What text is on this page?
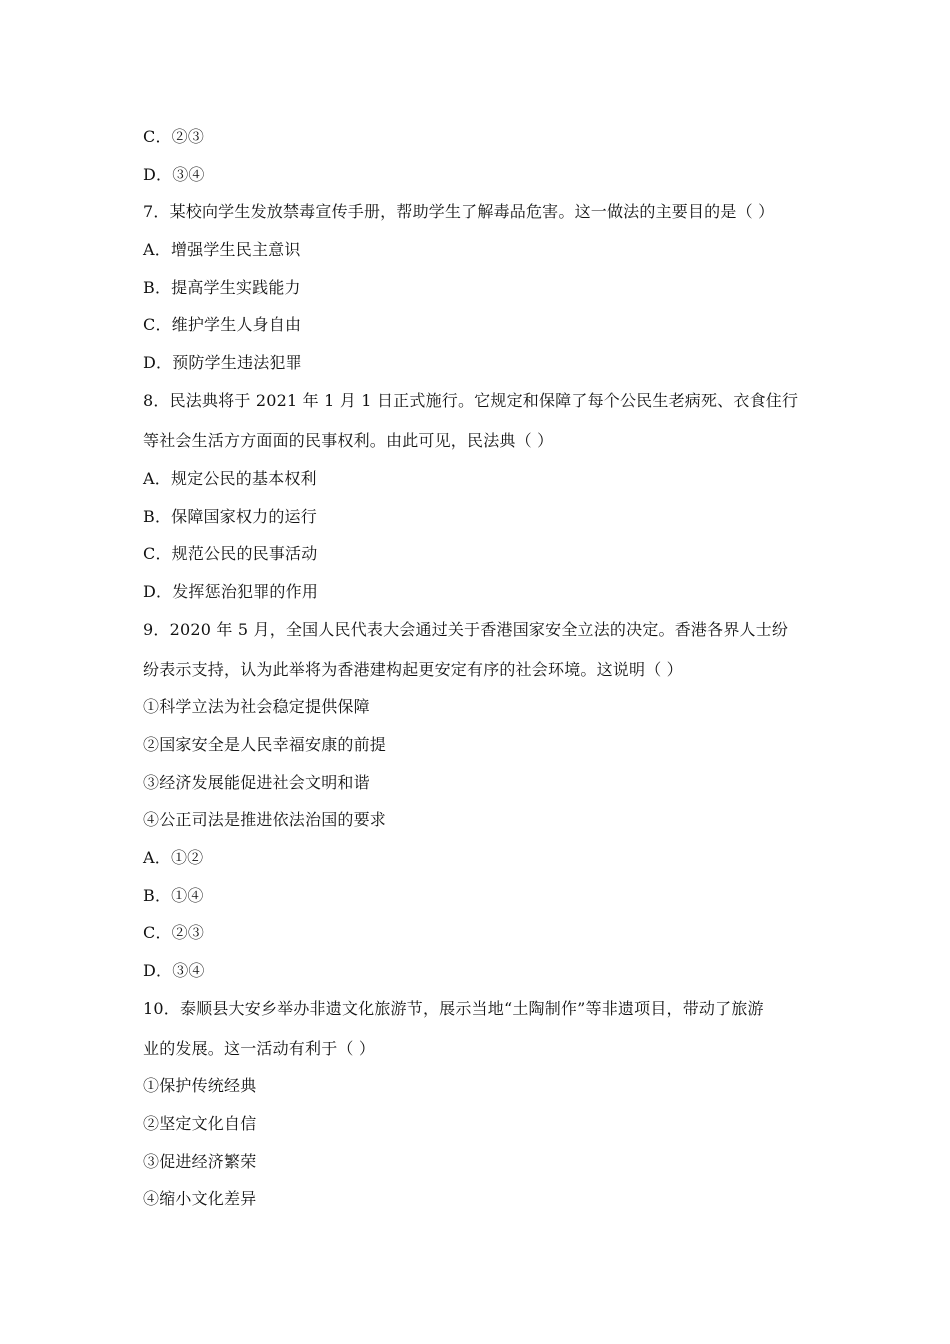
C．②③
D．③④
7．某校向学生发放禁毒宣传手册，帮助学生了解毒品危害。这一做法的主要目的是（ ）
A．增强学生民主意识
B．提高学生实践能力
C．维护学生人身自由
D．预防学生违法犯罪
8．民法典将于 2021 年 1 月 1 日正式施行。它规定和保障了每个公民生老病死、衣食住行
等社会生活方方面面的民事权利。由此可见，民法典（ ）
A．规定公民的基本权利
B．保障国家权力的运行
C．规范公民的民事活动
D．发挥惩治犯罪的作用
9．2020 年 5 月，全国人民代表大会通过关于香港国家安全立法的决定。香港各界人士纷
纷表示支持，认为此举将为香港建构起更安定有序的社会环境。这说明（ ）
①科学立法为社会稳定提供保障
②国家安全是人民幸福安康的前提
③经济发展能促进社会文明和谐
④公正司法是推进依法治国的要求
A．①②
B．①④
C．②③
D．③④
10．泰顺县大安乡举办非遗文化旅游节，展示当地“土陶制作”等非遗项目，带动了旅游
业的发展。这一活动有利于（ ）
①保护传统经典
②坚定文化自信
③促进经济繁荣
④缩小文化差异
